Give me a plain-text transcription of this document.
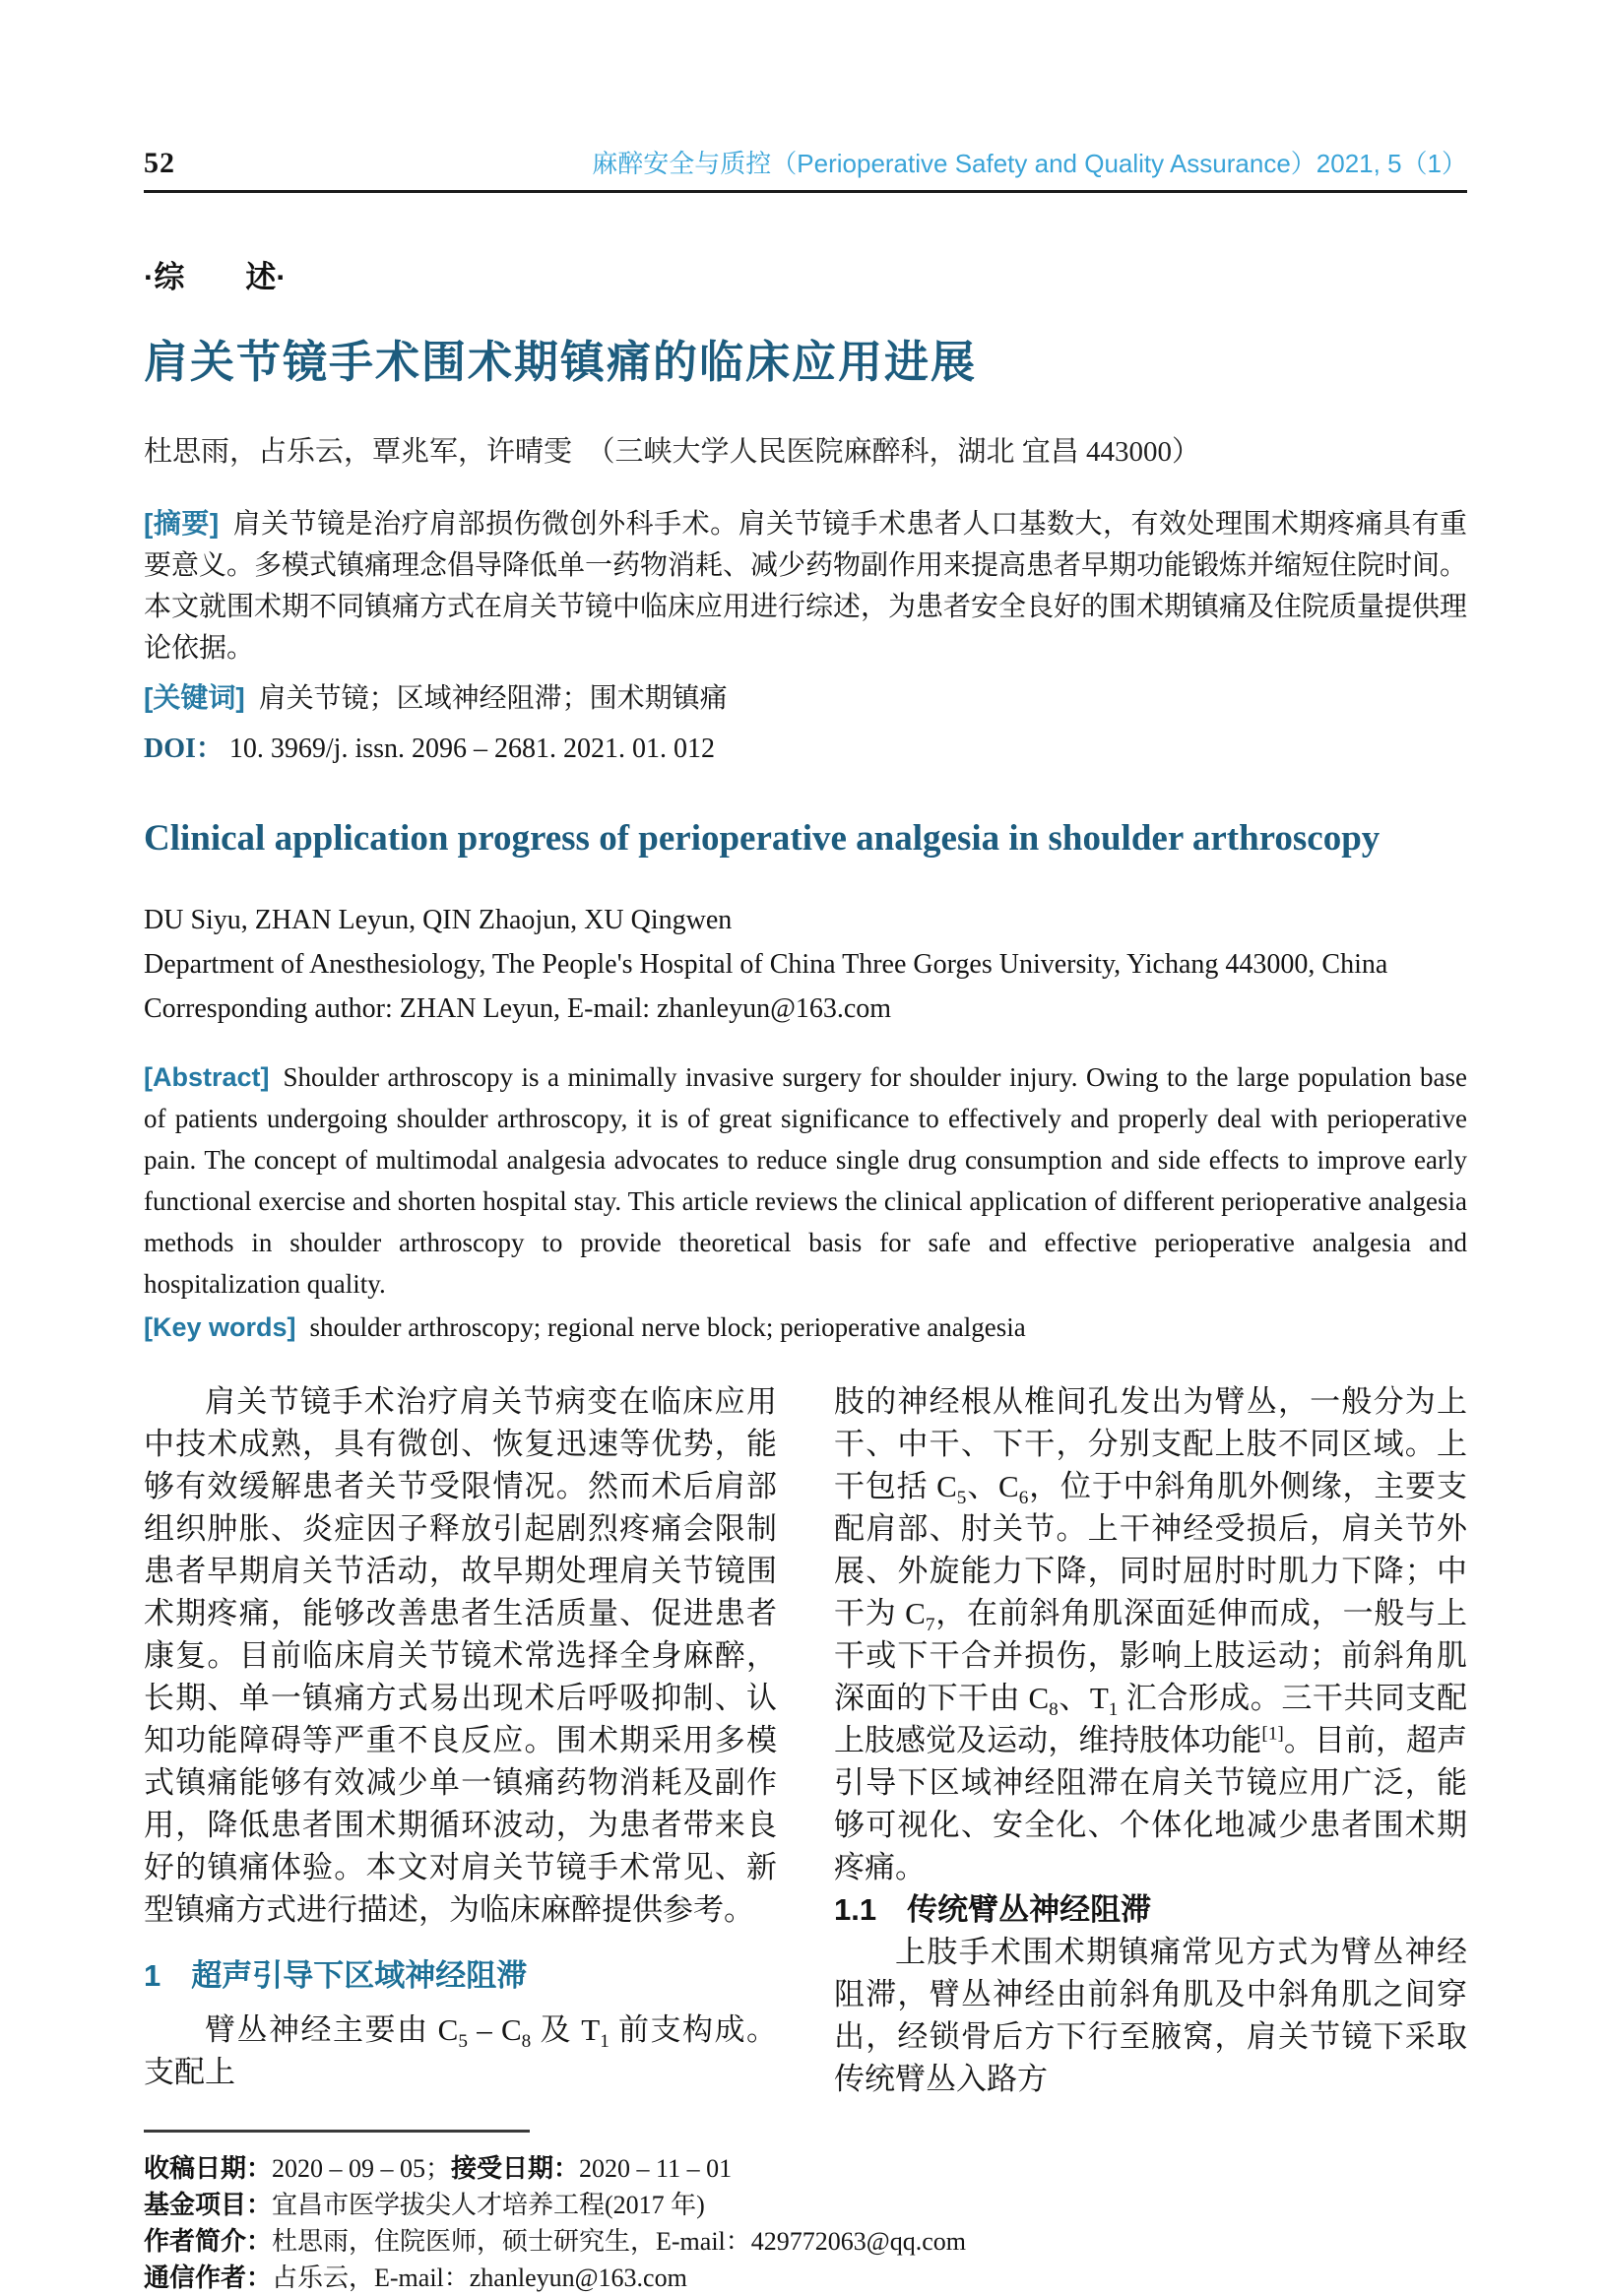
52	麻醉安全与质控（Perioperative Safety and Quality Assurance）2021, 5（1）
·综　　述·
肩关节镜手术围术期镇痛的临床应用进展
杜思雨，占乐云，覃兆军，许晴雯　（三峡大学人民医院麻醉科，湖北 宜昌 443000）
[摘要] 肩关节镜是治疗肩部损伤微创外科手术。肩关节镜手术患者人口基数大，有效处理围术期疼痛具有重要意义。多模式镇痛理念倡导降低单一药物消耗、减少药物副作用来提高患者早期功能锻炼并缩短住院时间。本文就围术期不同镇痛方式在肩关节镜中临床应用进行综述，为患者安全良好的围术期镇痛及住院质量提供理论依据。
[关键词] 肩关节镜；区域神经阻滞；围术期镇痛
DOI： 10. 3969/j. issn. 2096 – 2681. 2021. 01. 012
Clinical application progress of perioperative analgesia in shoulder arthroscopy
DU Siyu, ZHAN Leyun, QIN Zhaojun, XU Qingwen
Department of Anesthesiology, The People's Hospital of China Three Gorges University, Yichang 443000, China
Corresponding author: ZHAN Leyun, E-mail: zhanleyun@163.com
[Abstract] Shoulder arthroscopy is a minimally invasive surgery for shoulder injury. Owing to the large population base of patients undergoing shoulder arthroscopy, it is of great significance to effectively and properly deal with perioperative pain. The concept of multimodal analgesia advocates to reduce single drug consumption and side effects to improve early functional exercise and shorten hospital stay. This article reviews the clinical application of different perioperative analgesia methods in shoulder arthroscopy to provide theoretical basis for safe and effective perioperative analgesia and hospitalization quality.
[Key words] shoulder arthroscopy; regional nerve block; perioperative analgesia
肩关节镜手术治疗肩关节病变在临床应用中技术成熟，具有微创、恢复迅速等优势，能够有效缓解患者关节受限情况。然而术后肩部组织肿胀、炎症因子释放引起剧烈疼痛会限制患者早期肩关节活动，故早期处理肩关节镜围术期疼痛，能够改善患者生活质量、促进患者康复。目前临床肩关节镜术常选择全身麻醉，长期、单一镇痛方式易出现术后呼吸抑制、认知功能障碍等严重不良反应。围术期采用多模式镇痛能够有效减少单一镇痛药物消耗及副作用，降低患者围术期循环波动，为患者带来良好的镇痛体验。本文对肩关节镜手术常见、新型镇痛方式进行描述，为临床麻醉提供参考。
1　超声引导下区域神经阻滞
臂丛神经主要由 $C_5 - C_8$ 及 $T_1$ 前支构成。支配上
肢的神经根从椎间孔发出为臂丛，一般分为上干、中干、下干，分别支配上肢不同区域。上干包括 $C_5$、$C_6$，位于中斜角肌外侧缘，主要支配肩部、肘关节。上干神经受损后，肩关节外展、外旋能力下降，同时屈肘时肌力下降；中干为 $C_7$，在前斜角肌深面延伸而成，一般与上干或下干合并损伤，影响上肢运动；前斜角肌深面的下干由 $C_8$、$T_1$ 汇合形成。三干共同支配上肢感觉及运动，维持肢体功能[1]。目前，超声引导下区域神经阻滞在肩关节镜应用广泛，能够可视化、安全化、个体化地减少患者围术期疼痛。
1.1　传统臂丛神经阻滞
上肢手术围术期镇痛常见方式为臂丛神经阻滞，臂丛神经由前斜角肌及中斜角肌之间穿出，经锁骨后方下行至腋窝，肩关节镜下采取传统臂丛入路方
收稿日期：2020 – 09 – 05；接受日期：2020 – 11 – 01
基金项目：宜昌市医学拔尖人才培养工程(2017 年)
作者简介：杜思雨，住院医师，硕士研究生，E-mail：429772063@qq.com
通信作者：占乐云，E-mail：zhanleyun@163.com
